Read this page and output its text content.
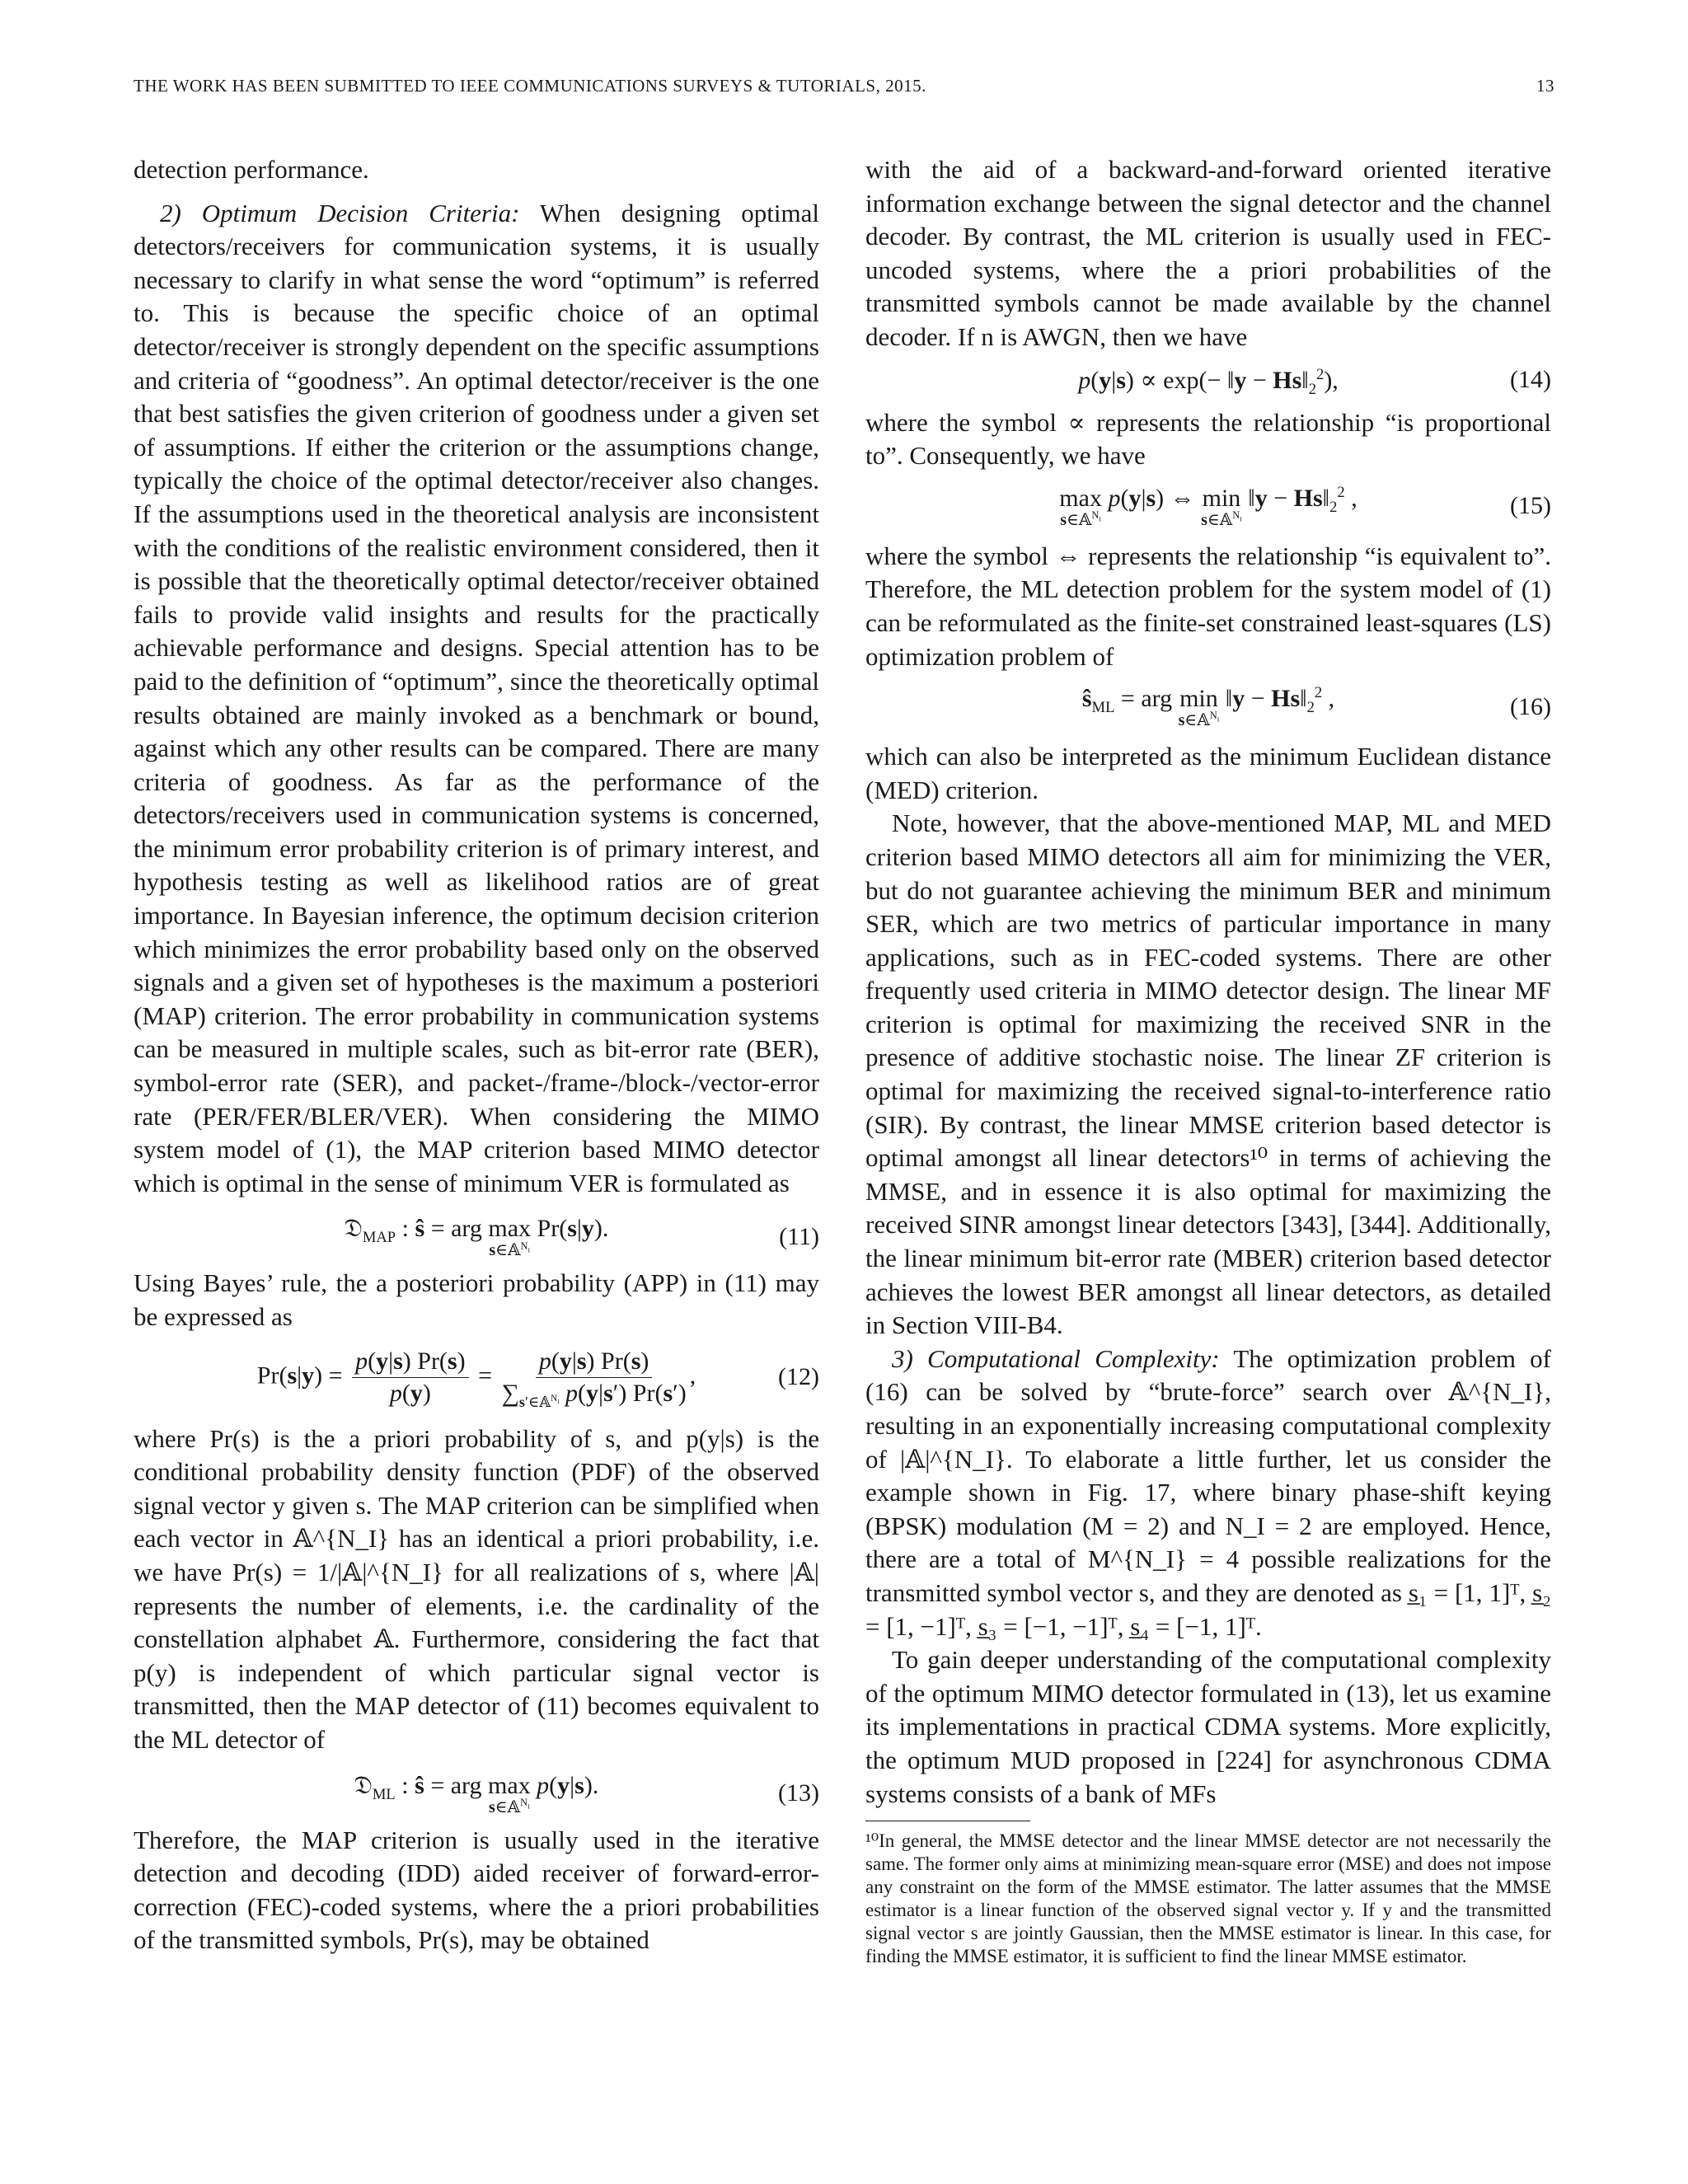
THE WORK HAS BEEN SUBMITTED TO IEEE COMMUNICATIONS SURVEYS & TUTORIALS, 2015.	13

detection performance.

2) Optimum Decision Criteria: When designing optimal detectors/receivers for communication systems, it is usually necessary to clarify in what sense the word “optimum” is referred to. This is because the specific choice of an optimal detector/receiver is strongly dependent on the specific assumptions and criteria of “goodness”. An optimal detector/receiver is the one that best satisfies the given criterion of goodness under a given set of assumptions. If either the criterion or the assumptions change, typically the choice of the optimal detector/receiver also changes. If the assumptions used in the theoretical analysis are inconsistent with the conditions of the realistic environment considered, then it is possible that the theoretically optimal detector/receiver obtained fails to provide valid insights and results for the practically achievable performance and designs. Special attention has to be paid to the definition of “optimum”, since the theoretically optimal results obtained are mainly invoked as a benchmark or bound, against which any other results can be compared. There are many criteria of goodness. As far as the performance of the detectors/receivers used in communication systems is concerned, the minimum error probability criterion is of primary interest, and hypothesis testing as well as likelihood ratios are of great importance. In Bayesian inference, the optimum decision criterion which minimizes the error probability based only on the observed signals and a given set of hypotheses is the maximum a posteriori (MAP) criterion. The error probability in communication systems can be measured in multiple scales, such as bit-error rate (BER), symbol-error rate (SER), and packet-/frame-/block-/vector-error rate (PER/FER/BLER/VER). When considering the MIMO system model of (1), the MAP criterion based MIMO detector which is optimal in the sense of minimum VER is formulated as

𝔇$_{MAP}$ : ŝ = arg max
s∈𝔸$^{N_I}$
Pr(s|y).	(11)

Using Bayes’ rule, the a posteriori probability (APP) in (11) may be expressed as

$Pr(s|y) = \frac{p(y|s) Pr(s)}{p(y)} = \frac{p(y|s) Pr(s)}{\sum_{s'\in 𝔸^{N_I}} p(y|s') Pr(s')}$ ,	(12)

where Pr(s) is the a priori probability of s, and p(y|s) is the conditional probability density function (PDF) of the observed signal vector y given s. The MAP criterion can be simplified when each vector in 𝔸^{N_I} has an identical a priori probability, i.e. we have Pr(s) = 1/|𝔸|^{N_I} for all realizations of s, where |𝔸| represents the number of elements, i.e. the cardinality of the constellation alphabet 𝔸. Furthermore, considering the fact that p(y) is independent of which particular signal vector is transmitted, then the MAP detector of (11) becomes equivalent to the ML detector of

𝔇$_{ML}$ : ŝ = arg max
s∈𝔸$^{N_I}$
p(y|s).	(13)

Therefore, the MAP criterion is usually used in the iterative detection and decoding (IDD) aided receiver of forward-error-correction (FEC)-coded systems, where the a priori probabilities of the transmitted symbols, Pr(s), may be obtained

with the aid of a backward-and-forward oriented iterative information exchange between the signal detector and the channel decoder. By contrast, the ML criterion is usually used in FEC-uncoded systems, where the a priori probabilities of the transmitted symbols cannot be made available by the channel decoder. If n is AWGN, then we have

p(y|s) ∝ exp(− ‖y − $Hs‖_2^2$),	(14)

where the symbol ∝ represents the relationship “is proportional to”. Consequently, we have

max
s∈𝔸$^{N_I}$
p(y|s) ⇔ min
s∈𝔸$^{N_I}$
‖y − $Hs‖_2^2$ ,	(15)

where the symbol ⇔ represents the relationship “is equivalent to”. Therefore, the ML detection problem for the system model of (1) can be reformulated as the finite-set constrained least-squares (LS) optimization problem of

$ŝ_{ML}$ = arg min
s∈𝔸$^{N_I}$
‖y − $Hs‖_2^2$ ,	(16)

which can also be interpreted as the minimum Euclidean distance (MED) criterion.

Note, however, that the above-mentioned MAP, ML and MED criterion based MIMO detectors all aim for minimizing the VER, but do not guarantee achieving the minimum BER and minimum SER, which are two metrics of particular importance in many applications, such as in FEC-coded systems. There are other frequently used criteria in MIMO detector design. The linear MF criterion is optimal for maximizing the received SNR in the presence of additive stochastic noise. The linear ZF criterion is optimal for maximizing the received signal-to-interference ratio (SIR). By contrast, the linear MMSE criterion based detector is optimal amongst all linear detectors¹⁰ in terms of achieving the MMSE, and in essence it is also optimal for maximizing the received SINR amongst linear detectors [343], [344]. Additionally, the linear minimum bit-error rate (MBER) criterion based detector achieves the lowest BER amongst all linear detectors, as detailed in Section VIII-B4.

3) Computational Complexity: The optimization problem of (16) can be solved by “brute-force” search over 𝔸^{N_I}, resulting in an exponentially increasing computational complexity of |𝔸|^{N_I}. To elaborate a little further, let us consider the example shown in Fig. 17, where binary phase-shift keying (BPSK) modulation (M = 2) and N_I = 2 are employed. Hence, there are a total of M^{N_I} = 4 possible realizations for the transmitted symbol vector s, and they are denoted as s̲₁ = [1, 1]ᵀ, s̲₂ = [1, −1]ᵀ, s̲₃ = [−1, −1]ᵀ, s̲₄ = [−1, 1]ᵀ.

To gain deeper understanding of the computational complexity of the optimum MIMO detector formulated in (13), let us examine its implementations in practical CDMA systems. More explicitly, the optimum MUD proposed in [224] for asynchronous CDMA systems consists of a bank of MFs

¹⁰In general, the MMSE detector and the linear MMSE detector are not necessarily the same. The former only aims at minimizing mean-square error (MSE) and does not impose any constraint on the form of the MMSE estimator. The latter assumes that the MMSE estimator is a linear function of the observed signal vector y. If y and the transmitted signal vector s are jointly Gaussian, then the MMSE estimator is linear. In this case, for finding the MMSE estimator, it is sufficient to find the linear MMSE estimator.
